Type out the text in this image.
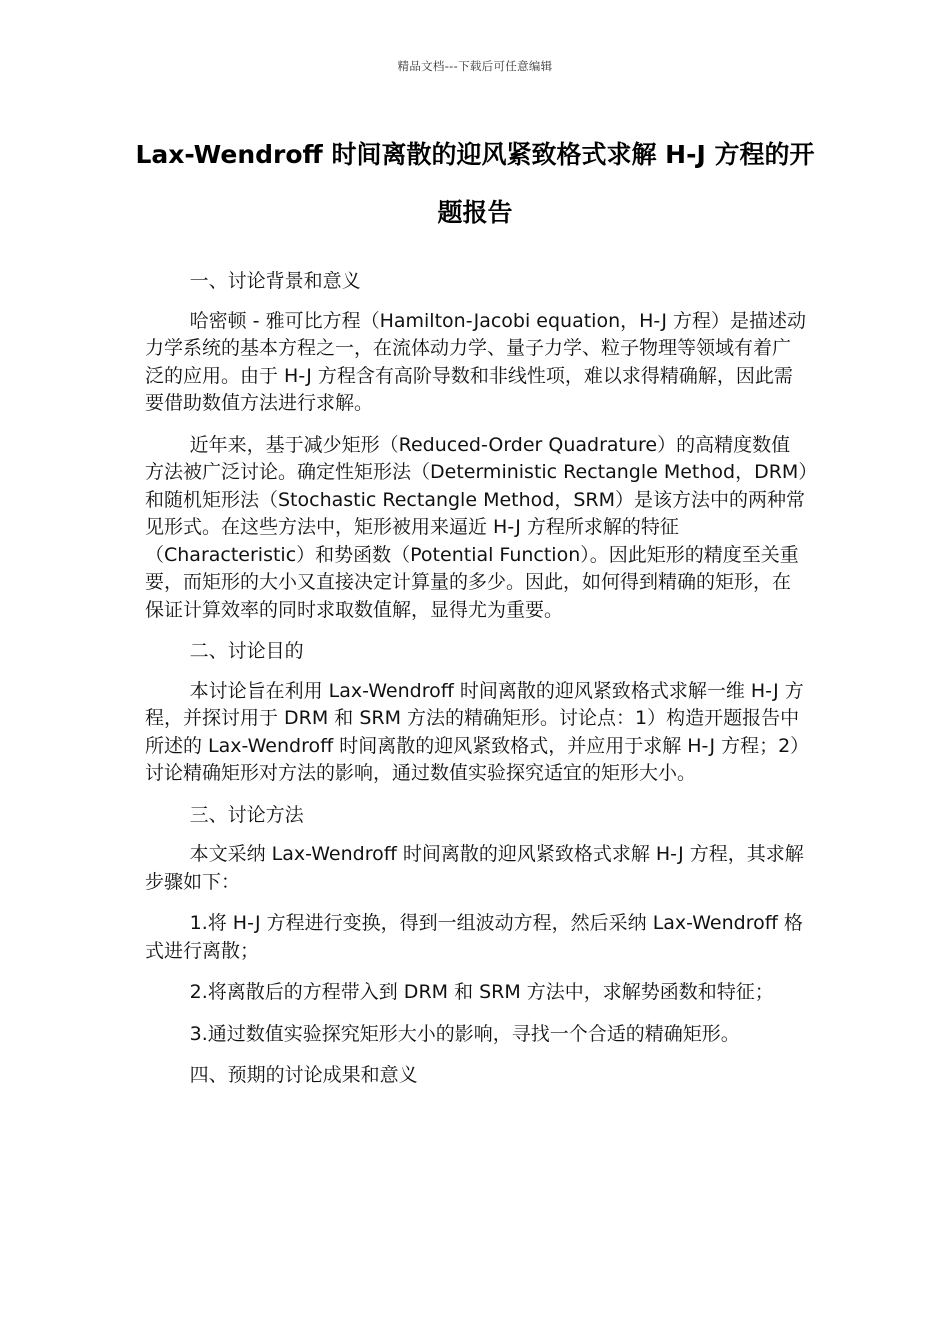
精品文档---下载后可任意编辑
Lax-Wendroff 时间离散的迎风紧致格式求解 H-J 方程的开题报告

一、讨论背景和意义

哈密顿 - 雅可比方程（Hamilton-Jacobi equation，H-J 方程）是描述动力学系统的基本方程之一，在流体动力学、量子力学、粒子物理等领域有着广泛的应用。由于 H-J 方程含有高阶导数和非线性项，难以求得精确解，因此需要借助数值方法进行求解。

近年来，基于减少矩形（Reduced-Order Quadrature）的高精度数值方法被广泛讨论。确定性矩形法（Deterministic Rectangle Method，DRM）和随机矩形法（Stochastic Rectangle Method，SRM）是该方法中的两种常见形式。在这些方法中，矩形被用来逼近 H-J 方程所求解的特征（Characteristic）和势函数（Potential Function）。因此矩形的精度至关重要，而矩形的大小又直接决定计算量的多少。因此，如何得到精确的矩形，在保证计算效率的同时求取数值解，显得尤为重要。

二、讨论目的

本讨论旨在利用 Lax-Wendroff 时间离散的迎风紧致格式求解一维 H-J 方程，并探讨用于 DRM 和 SRM 方法的精确矩形。讨论点：1）构造开题报告中所述的 Lax-Wendroff 时间离散的迎风紧致格式，并应用于求解 H-J 方程；2）讨论精确矩形对方法的影响，通过数值实验探究适宜的矩形大小。

三、讨论方法

本文采纳 Lax-Wendroff 时间离散的迎风紧致格式求解 H-J 方程，其求解步骤如下：

1.将 H-J 方程进行变换，得到一组波动方程，然后采纳 Lax-Wendroff 格式进行离散；

2.将离散后的方程带入到 DRM 和 SRM 方法中，求解势函数和特征；

3.通过数值实验探究矩形大小的影响，寻找一个合适的精确矩形。

四、预期的讨论成果和意义
